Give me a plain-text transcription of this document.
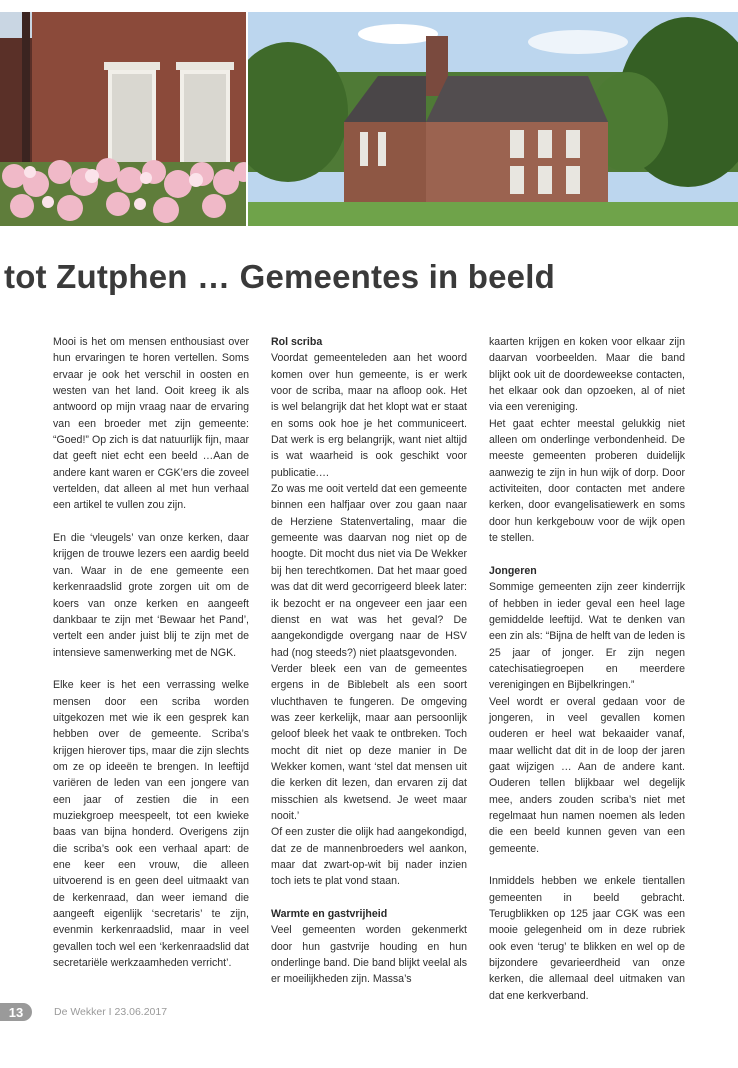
tot Zutphen … Gemeentes in beeld

Mooi is het om mensen enthousiast over hun ervaringen te horen vertellen. Soms ervaar je ook het verschil in oosten en westen van het land. Ooit kreeg ik als antwoord op mijn vraag naar de ervaring van een broeder met zijn gemeente: “Goed!” Op zich is dat natuurlijk fijn, maar dat geeft niet echt een beeld …Aan de andere kant waren er CGK’ers die zoveel vertelden, dat alleen al met hun verhaal een artikel te vullen zou zijn.

En die ‘vleugels’ van onze kerken, daar krijgen de trouwe lezers een aardig beeld van. Waar in de ene gemeente een kerkenraadslid grote zorgen uit om de koers van onze kerken en aangeeft dankbaar te zijn met ‘Bewaar het Pand’, vertelt een ander juist blij te zijn met de intensieve samenwerking met de NGK.

Elke keer is het een verrassing welke mensen door een scriba worden uitgekozen met wie ik een gesprek kan hebben over de gemeente. Scriba’s krijgen hierover tips, maar die zijn slechts om ze op ideeën te brengen. In leeftijd variëren de leden van een jongere van een jaar of zestien die in een muziekgroep meespeelt, tot een kwieke baas van bijna honderd. Overigens zijn die scriba’s ook een verhaal apart: de ene keer een vrouw, die alleen uitvoerend is en geen deel uitmaakt van de kerkenraad, dan weer iemand die aangeeft eigenlijk ‘secretaris’ te zijn, evenmin kerkenraadslid, maar in veel gevallen toch wel een ‘kerkenraadslid dat secretariële werkzaamheden verricht’.

Rol scriba

Voordat gemeenteleden aan het woord komen over hun gemeente, is er werk voor de scriba, maar na afloop ook. Het is wel belangrijk dat het klopt wat er staat en soms ook hoe je het communiceert. Dat werk is erg belangrijk, want niet altijd is wat waarheid is ook geschikt voor publicatie.…

Zo was me ooit verteld dat een gemeente binnen een halfjaar over zou gaan naar de Herziene Statenvertaling, maar die gemeente was daarvan nog niet op de hoogte. Dit mocht dus niet via De Wekker bij hen terechtkomen. Dat het maar goed was dat dit werd gecorrigeerd bleek later: ik bezocht er na ongeveer een jaar een dienst en wat was het geval? De aangekondigde overgang naar de HSV had (nog steeds?) niet plaatsgevonden.

Verder bleek een van de gemeentes ergens in de Biblebelt als een soort vluchthaven te fungeren. De omgeving was zeer kerkelijk, maar aan persoonlijk geloof bleek het vaak te ontbreken. Toch mocht dit niet op deze manier in De Wekker komen, want ‘stel dat mensen uit die kerken dit lezen, dan ervaren zij dat misschien als kwetsend. Je weet maar nooit.’

Of een zuster die olijk had aangekondigd, dat ze de mannenbroeders wel aankon, maar dat zwart-op-wit bij nader inzien toch iets te plat vond staan.

Warmte en gastvrijheid

Veel gemeenten worden gekenmerkt door hun gastvrije houding en hun onderlinge band. Die band blijkt veelal als er moeilijkheden zijn. Massa’s

kaarten krijgen en koken voor elkaar zijn daarvan voorbeelden. Maar die band blijkt ook uit de doordeweekse contacten, het elkaar ook dan opzoeken, al of niet via een vereniging.

Het gaat echter meestal gelukkig niet alleen om onderlinge verbondenheid. De meeste gemeenten proberen duidelijk aanwezig te zijn in hun wijk of dorp. Door activiteiten, door contacten met andere kerken, door evangelisatiewerk en soms door hun kerkgebouw voor de wijk open te stellen.

Jongeren

Sommige gemeenten zijn zeer kinderrijk of hebben in ieder geval een heel lage gemiddelde leeftijd. Wat te denken van een zin als: “Bijna de helft van de leden is 25 jaar of jonger. Er zijn negen catechisatiegroepen en meerdere verenigingen en Bijbelkringen.”

Veel wordt er overal gedaan voor de jongeren, in veel gevallen komen ouderen er heel wat bekaaider vanaf, maar wellicht dat dit in de loop der jaren gaat wijzigen … Aan de andere kant. Ouderen tellen blijkbaar wel degelijk mee, anders zouden scriba’s niet met regelmaat hun namen noemen als leden die een beeld kunnen geven van een gemeente.

Inmiddels hebben we enkele tientallen gemeenten in beeld gebracht. Terugblikken op 125 jaar CGK was een mooie gelegenheid om in deze rubriek ook even ‘terug’ te blikken en wel op de bijzondere gevarieerdheid van onze kerken, die allemaal deel uitmaken van dat ene kerkverband.

13	De Wekker I 23.06.2017
